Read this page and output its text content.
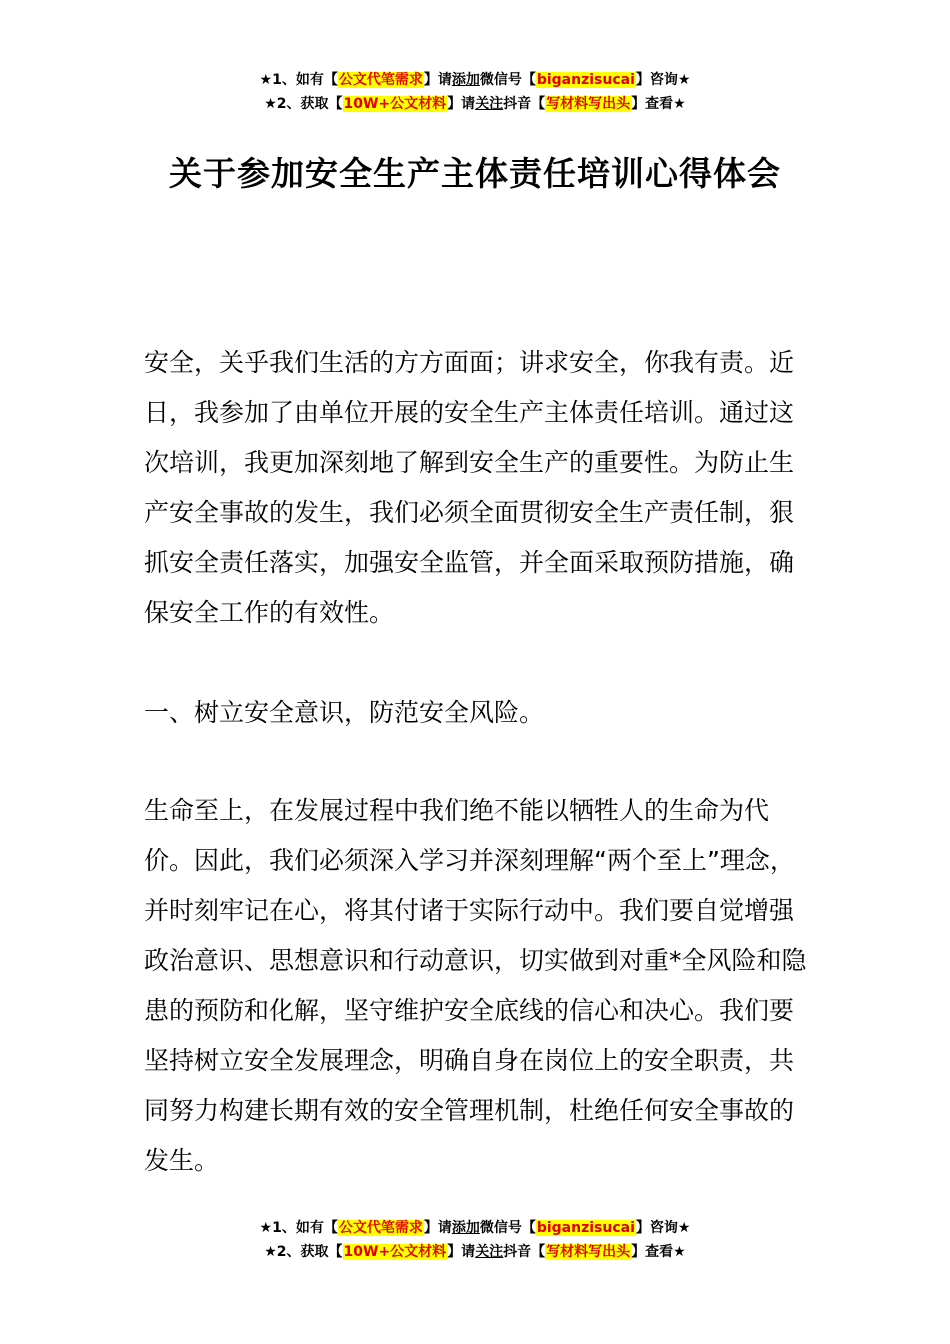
★1、如有【公文代笔需求】请添加微信号【biganzisucai】咨询★
★2、获取【10W+公文材料】请关注抖音【写材料写出头】查看★
关于参加安全生产主体责任培训心得体会

安全，关乎我们生活的方方面面；讲求安全，你我有责。近日，我参加了由单位开展的安全生产主体责任培训。通过这次培训，我更加深刻地了解到安全生产的重要性。为防止生产安全事故的发生，我们必须全面贯彻安全生产责任制，狠抓安全责任落实，加强安全监管，并全面采取预防措施，确保安全工作的有效性。

一、树立安全意识，防范安全风险。

生命至上，在发展过程中我们绝不能以牺牲人的生命为代价。因此，我们必须深入学习并深刻理解“两个至上”理念，并时刻牢记在心，将其付诸于实际行动中。我们要自觉增强政治意识、思想意识和行动意识，切实做到对重*全风险和隐患的预防和化解，坚守维护安全底线的信心和决心。我们要坚持树立安全发展理念，明确自身在岗位上的安全职责，共同努力构建长期有效的安全管理机制，杜绝任何安全事故的发生。

★1、如有【公文代笔需求】请添加微信号【biganzisucai】咨询★
★2、获取【10W+公文材料】请关注抖音【写材料写出头】查看★
